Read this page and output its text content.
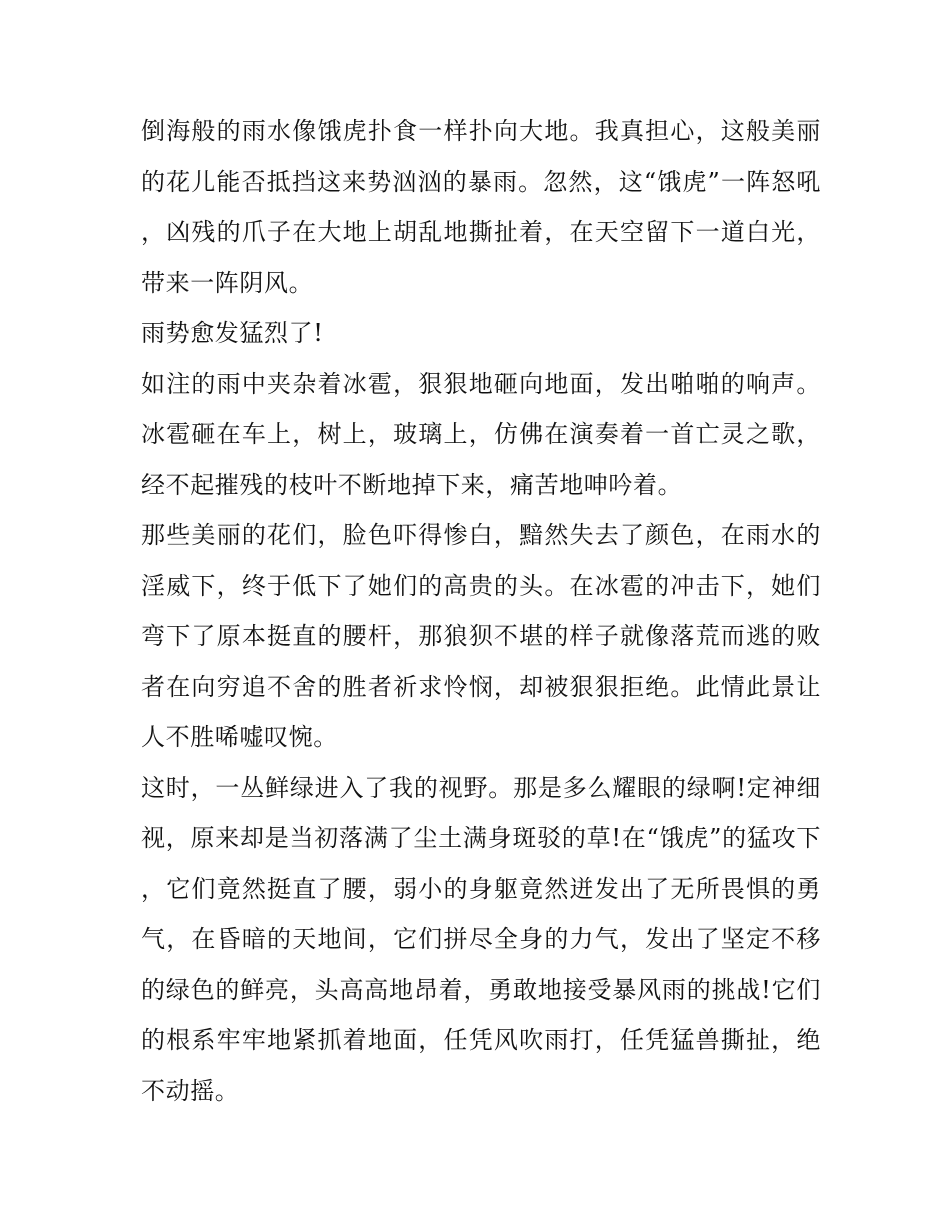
倒海般的雨水像饿虎扑食一样扑向大地。我真担心，这般美丽的花儿能否抵挡这来势汹汹的暴雨。忽然，这“饿虎”一阵怒吼，凶残的爪子在大地上胡乱地撕扯着，在天空留下一道白光，带来一阵阴风。

雨势愈发猛烈了!

如注的雨中夹杂着冰雹，狠狠地砸向地面，发出啪啪的响声。冰雹砸在车上，树上，玻璃上，仿佛在演奏着一首亡灵之歌，经不起摧残的枝叶不断地掉下来，痛苦地呻吟着。

那些美丽的花们，脸色吓得惨白，黯然失去了颜色，在雨水的淫威下，终于低下了她们的高贵的头。在冰雹的冲击下，她们弯下了原本挺直的腰杆，那狼狈不堪的样子就像落荒而逃的败者在向穷追不舍的胜者祈求怜悯，却被狠狠拒绝。此情此景让人不胜唏嘘叹惋。

这时，一丛鲜绿进入了我的视野。那是多么耀眼的绿啊!定神细视，原来却是当初落满了尘土满身斑驳的草!在“饿虎”的猛攻下，它们竟然挺直了腰，弱小的身躯竟然迸发出了无所畏惧的勇气，在昏暗的天地间，它们拼尽全身的力气，发出了坚定不移的绿色的鲜亮，头高高地昂着，勇敢地接受暴风雨的挑战!它们的根系牢牢地紧抓着地面，任凭风吹雨打，任凭猛兽撕扯，绝不动摇。
